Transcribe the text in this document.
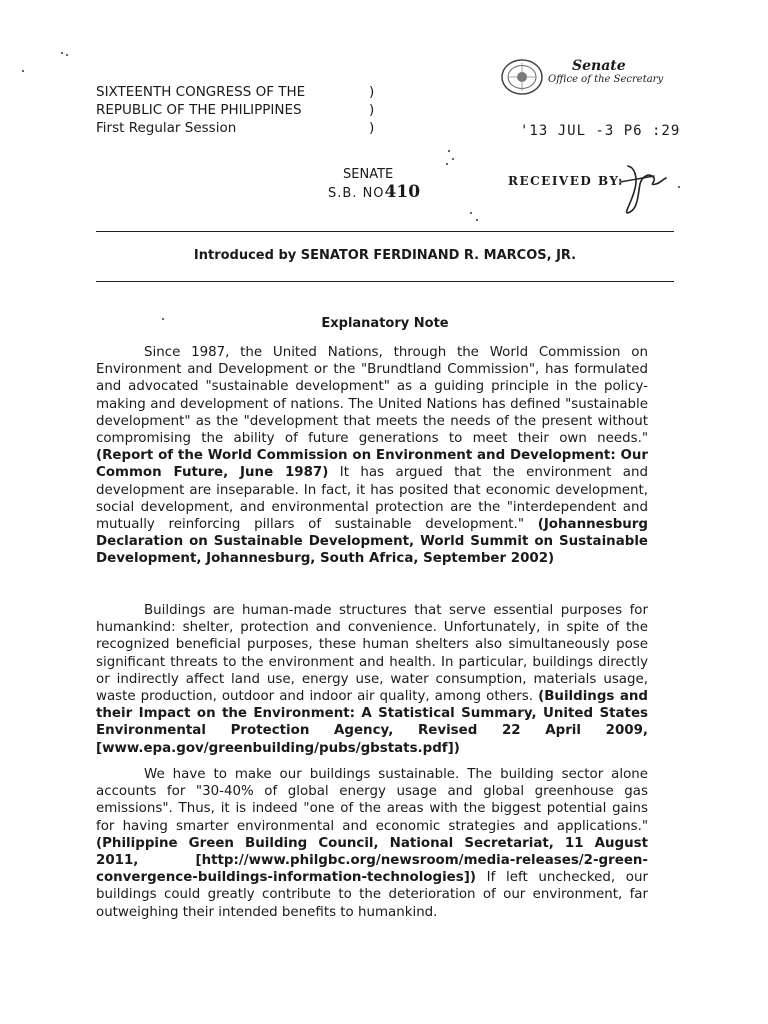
SIXTEENTH CONGRESS OF THE
REPUBLIC OF THE PHILIPPINES
First Regular Session
)
)
)
Senate
Office of the Secretary
'13 JUL -3 P6 :29
SENATE
S.B. NO410
RECEIVED BY:
Introduced by SENATOR FERDINAND R. MARCOS, JR.
Explanatory Note
Since 1987, the United Nations, through the World Commission on Environment and Development or the "Brundtland Commission", has formulated and advocated "sustainable development" as a guiding principle in the policy-making and development of nations. The United Nations has defined "sustainable development" as the "development that meets the needs of the present without compromising the ability of future generations to meet their own needs." (Report of the World Commission on Environment and Development: Our Common Future, June 1987) It has argued that the environment and development are inseparable. In fact, it has posited that economic development, social development, and environmental protection are the "interdependent and mutually reinforcing pillars of sustainable development." (Johannesburg Declaration on Sustainable Development, World Summit on Sustainable Development, Johannesburg, South Africa, September 2002)
Buildings are human-made structures that serve essential purposes for humankind: shelter, protection and convenience. Unfortunately, in spite of the recognized beneficial purposes, these human shelters also simultaneously pose significant threats to the environment and health. In particular, buildings directly or indirectly affect land use, energy use, water consumption, materials usage, waste production, outdoor and indoor air quality, among others. (Buildings and their Impact on the Environment: A Statistical Summary, United States Environmental Protection Agency, Revised 22 April 2009, [www.epa.gov/greenbuilding/pubs/gbstats.pdf])
We have to make our buildings sustainable. The building sector alone accounts for "30-40% of global energy usage and global greenhouse gas emissions". Thus, it is indeed "one of the areas with the biggest potential gains for having smarter environmental and economic strategies and applications." (Philippine Green Building Council, National Secretariat, 11 August 2011, [http://www.philgbc.org/newsroom/media-releases/2-green-convergence-buildings-information-technologies]) If left unchecked, our buildings could greatly contribute to the deterioration of our environment, far outweighing their intended benefits to humankind.
